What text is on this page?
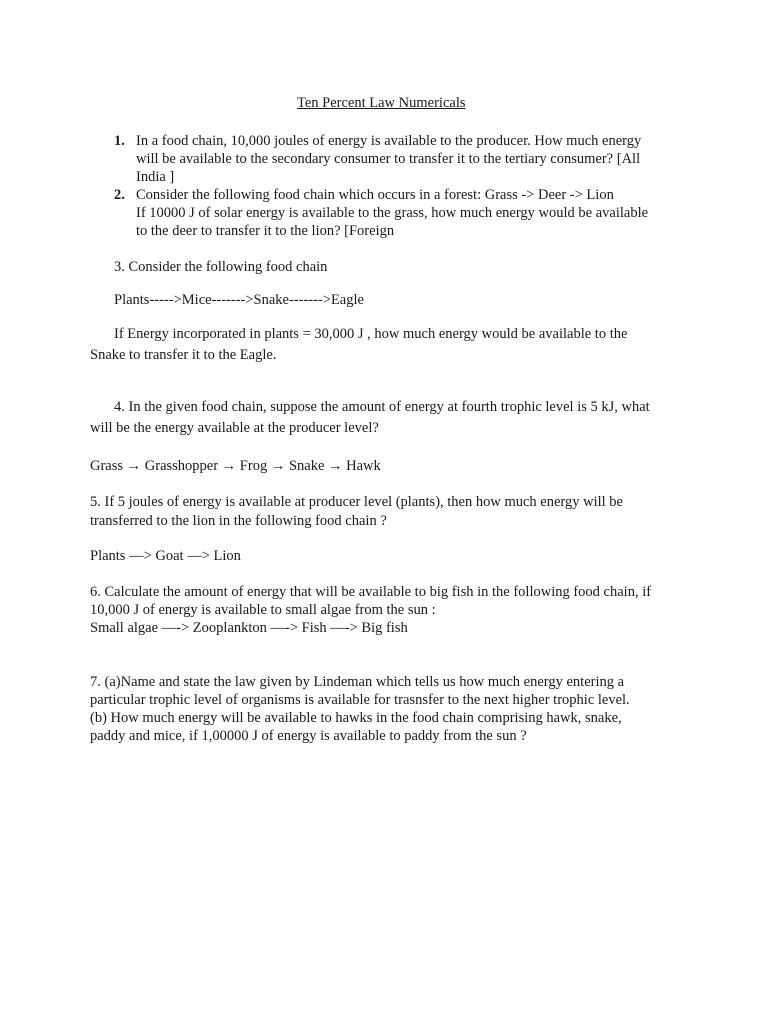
Ten Percent Law Numericals
1. In a food chain, 10,000 joules of energy is available to the producer. How much energy
will be available to the secondary consumer to transfer it to the tertiary consumer? [All
India ]
2. Consider the following food chain which occurs in a forest: Grass -> Deer -> Lion
If 10000 J of solar energy is available to the grass, how much energy would be available
to the deer to transfer it to the lion? [Foreign
3. Consider the following food chain
Plants----->Mice------->Snake------->Eagle
If Energy incorporated in plants = 30,000 J , how much energy would be available to the
Snake to transfer it to the Eagle.
4. In the given food chain, suppose the amount of energy at fourth trophic level is 5 kJ, what
will be the energy available at the producer level?
Grass → Grasshopper → Frog → Snake → Hawk
5. If 5 joules of energy is available at producer level (plants), then how much energy will be
transferred to the lion in the following food chain ?
Plants —> Goat —> Lion
6. Calculate the amount of energy that will be available to big fish in the following food chain, if
10,000 J of energy is available to small algae from the sun :
Small algae —-> Zooplankton —-> Fish —-> Big fish
7. (a)Name and state the law given by Lindeman which tells us how much energy entering a
particular trophic level of organisms is available for trasnsfer to the next higher trophic level.
(b) How much energy will be available to hawks in the food chain comprising hawk, snake,
paddy and mice, if 1,00000 J of energy is available to paddy from the sun ?
